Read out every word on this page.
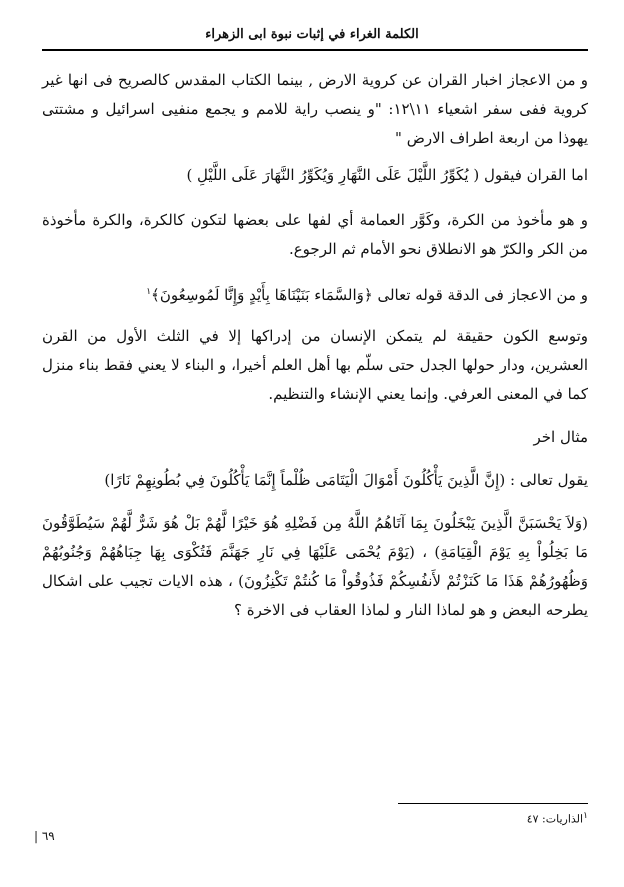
الكلمة الغراء في إثبات نبوة ابى الزهراء

و من الاعجاز اخبار القران عن كروية الارض , بينما الكتاب المقدس كالصريح فى انها غير كروية ففى سفر اشعياء ١١\١٢: "و ينصب راية للامم و يجمع منفيى اسرائيل و مشتتى يهوذا من اربعة اطراف الارض "

اما القران فيقول ( يُكَوِّرُ اللَّيْلَ عَلَى النَّهَارِ وَيُكَوِّرُ النَّهَارَ عَلَى اللَّيْلِ )

و هو مأخوذ من الكرة، وكَوَّر العمامة أي لفها على بعضها لتكون كالكرة، والكرة مأخوذة من الكر والكرّ هو الانطلاق نحو الأمام ثم الرجوع.

و من الاعجاز فى الدقة قوله تعالى ﴿وَالسَّمَاء بَنَيْنَاهَا بِأَيْدٍ وَإِنَّا لَمُوسِعُونَ﴾$^١$

وتوسع الكون حقيقة لم يتمكن الإنسان من إدراكها إلا في الثلث الأول من القرن العشرين، ودار حولها الجدل حتى سلّم بها أهل العلم أخيرا، و البناء لا يعني فقط بناء منزل كما في المعنى العرفي. وإنما يعني الإنشاء والتنظيم.

مثال اخر

يقول تعالى : (إِنَّ الَّذِينَ يَأْكُلُونَ أَمْوَالَ الْيَتَامَى ظُلْماً إِنَّمَا يَأْكُلُونَ فِي بُطُونِهِمْ نَارًا)

(وَلاَ يَحْسَبَنَّ الَّذِينَ يَبْخَلُونَ بِمَا آتَاهُمُ اللَّهُ مِن فَضْلِهِ هُوَ خَيْرًا لَّهُمْ بَلْ هُوَ شَرٌّ لَّهُمْ سَيُطَوَّقُونَ مَا بَخِلُواْ بِهِ يَوْمَ الْقِيَامَةِ) ، (يَوْمَ يُحْمَى عَلَيْهَا فِي نَارِ جَهَنَّمَ فَتُكْوَى بِهَا جِبَاهُهُمْ وَجُنُوبُهُمْ وَظُهُورُهُمْ هَذَا مَا كَنَزْتُمْ لأَنفُسِكُمْ فَذُوقُواْ مَا كُنتُمْ تَكْنِزُونَ) ، هذه الايات تجيب على اشكال يطرحه البعض و هو لماذا النار و لماذا العقاب فى الاخرة ؟

$^١$الذاريات: ٤٧
٦٩ |
